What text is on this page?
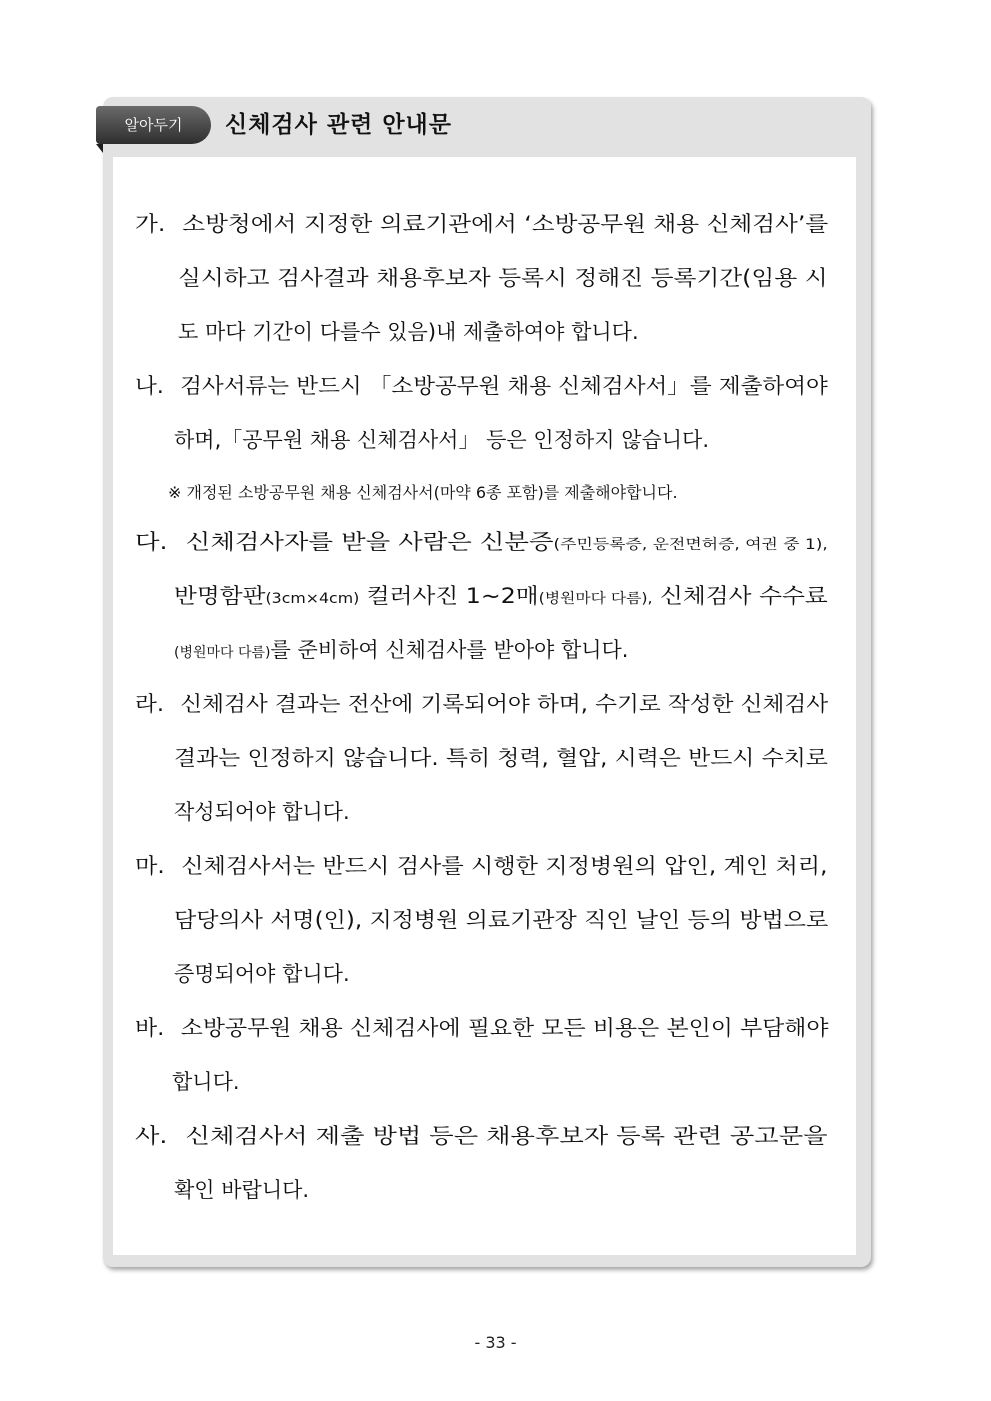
알아두기	신체검사 관련 안내문
가. 소방청에서 지정한 의료기관에서 ‘소방공무원 채용 신체검사’를
실시하고 검사결과 채용후보자 등록시 정해진 등록기간(임용 시
도 마다 기간이 다를수 있음)내 제출하여야 합니다.
나. 검사서류는 반드시 「소방공무원 채용 신체검사서」를 제출하여야
하며,「공무원 채용 신체검사서」 등은 인정하지 않습니다.
※ 개정된 소방공무원 채용 신체검사서(마약 6종 포함)를 제출해야합니다.
다. 신체검사자를 받을 사람은 신분증(주민등록증, 운전면허증, 여권 중 1),
반명함판(3cm×4cm) 컬러사진 1~2매(병원마다 다름), 신체검사 수수료
(병원마다 다름)를 준비하여 신체검사를 받아야 합니다.
라. 신체검사 결과는 전산에 기록되어야 하며, 수기로 작성한 신체검사
결과는 인정하지 않습니다. 특히 청력, 혈압, 시력은 반드시 수치로
작성되어야 합니다.
마. 신체검사서는 반드시 검사를 시행한 지정병원의 압인, 계인 처리,
담당의사 서명(인), 지정병원 의료기관장 직인 날인 등의 방법으로
증명되어야 합니다.
바. 소방공무원 채용 신체검사에 필요한 모든 비용은 본인이 부담해야
합니다.
사. 신체검사서 제출 방법 등은 채용후보자 등록 관련 공고문을
확인 바랍니다.
- 33 -
